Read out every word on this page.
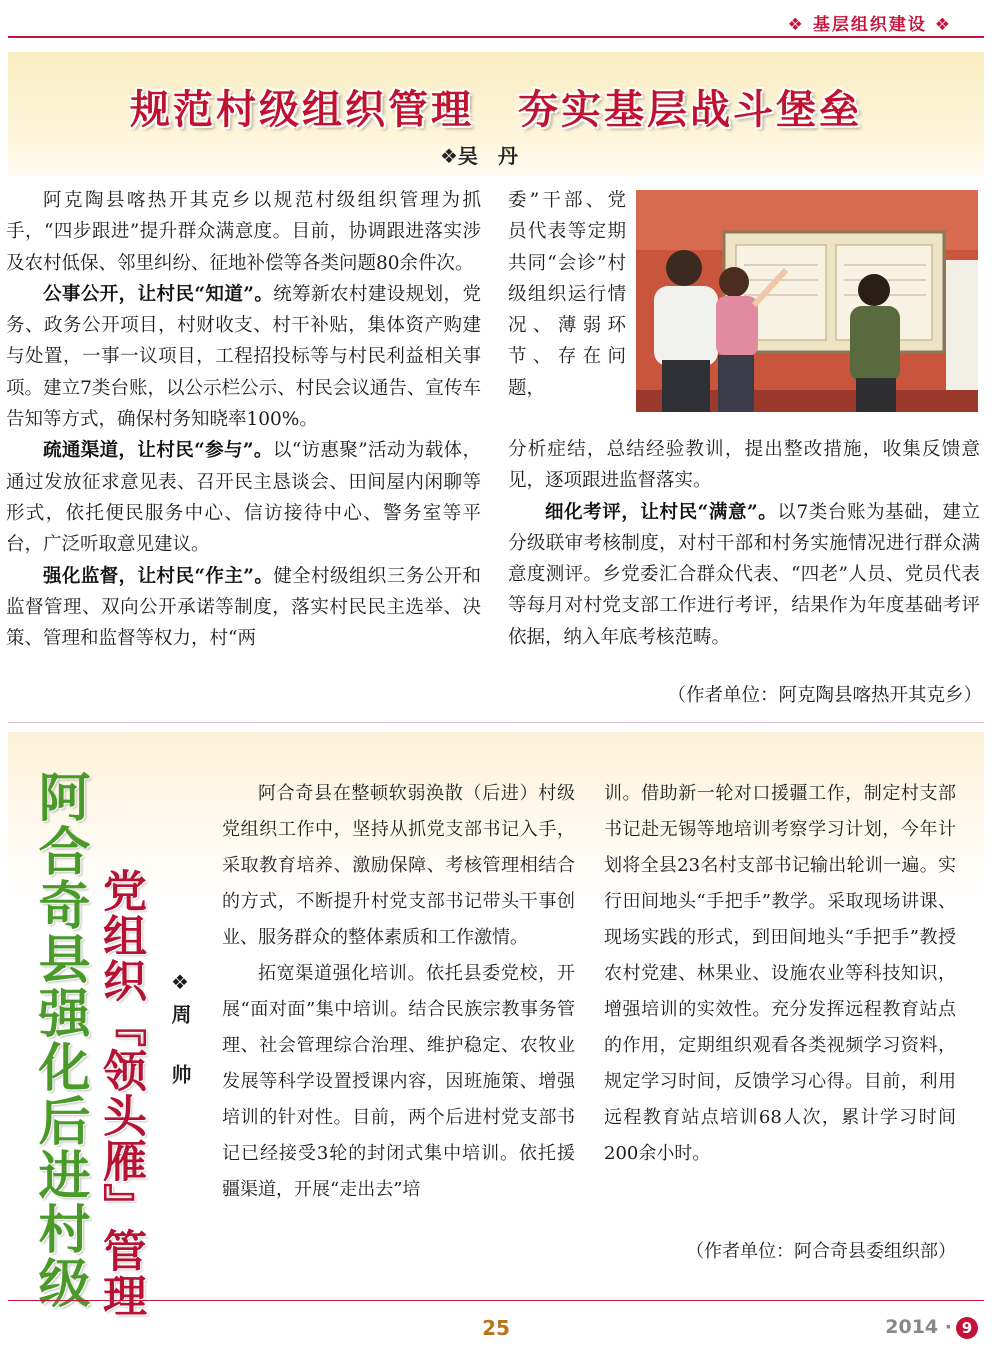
❖ 基层组织建设 ❖
规范村级组织管理 夯实基层战斗堡垒
❖吴　丹

阿克陶县喀热开其克乡以规范村级组织管理为抓手，“四步跟进”提升群众满意度。目前，协调跟进落实涉及农村低保、邻里纠纷、征地补偿等各类问题80余件次。

公事公开，让村民“知道”。统筹新农村建设规划，党务、政务公开项目，村财收支、村干补贴，集体资产购建与处置，一事一议项目，工程招投标等与村民利益相关事项。建立7类台账，以公示栏公示、村民会议通告、宣传车告知等方式，确保村务知晓率100%。

疏通渠道，让村民“参与”。以“访惠聚”活动为载体，通过发放征求意见表、召开民主恳谈会、田间屋内闲聊等形式，依托便民服务中心、信访接待中心、警务室等平台，广泛听取意见建议。

强化监督，让村民“作主”。健全村级组织三务公开和监督管理、双向公开承诺等制度，落实村民民主选举、决策、管理和监督等权力，村“两

委”干部、党员代表等定期共同“会诊”村级组织运行情况、薄弱环节、存在问题，

分析症结，总结经验教训，提出整改措施，收集反馈意见，逐项跟进监督落实。

细化考评，让村民“满意”。以7类台账为基础，建立分级联审考核制度，对村干部和村务实施情况进行群众满意度测评。乡党委汇合群众代表、“四老”人员、党员代表等每月对村党支部工作进行考评，结果作为年度基础考评依据，纳入年底考核范畴。

（作者单位：阿克陶县喀热开其克乡）
阿合奇县强化后进村级 党组织『领头雁』管理	❖周　帅

阿合奇县在整顿软弱涣散（后进）村级党组织工作中，坚持从抓党支部书记入手，采取教育培养、激励保障、考核管理相结合的方式，不断提升村党支部书记带头干事创业、服务群众的整体素质和工作激情。

拓宽渠道强化培训。依托县委党校，开展“面对面”集中培训。结合民族宗教事务管理、社会管理综合治理、维护稳定、农牧业发展等科学设置授课内容，因班施策、增强培训的针对性。目前，两个后进村党支部书记已经接受3轮的封闭式集中培训。依托援疆渠道，开展“走出去”培

训。借助新一轮对口援疆工作，制定村支部书记赴无锡等地培训考察学习计划，今年计划将全县23名村支部书记输出轮训一遍。实行田间地头“手把手”教学。采取现场讲课、现场实践的形式，到田间地头“手把手”教授农村党建、林果业、设施农业等科技知识，增强培训的实效性。充分发挥远程教育站点的作用，定期组织观看各类视频学习资料，规定学习时间，反馈学习心得。目前，利用远程教育站点培训68人次，累计学习时间200余小时。

（作者单位：阿合奇县委组织部）
25	2014 · 9
